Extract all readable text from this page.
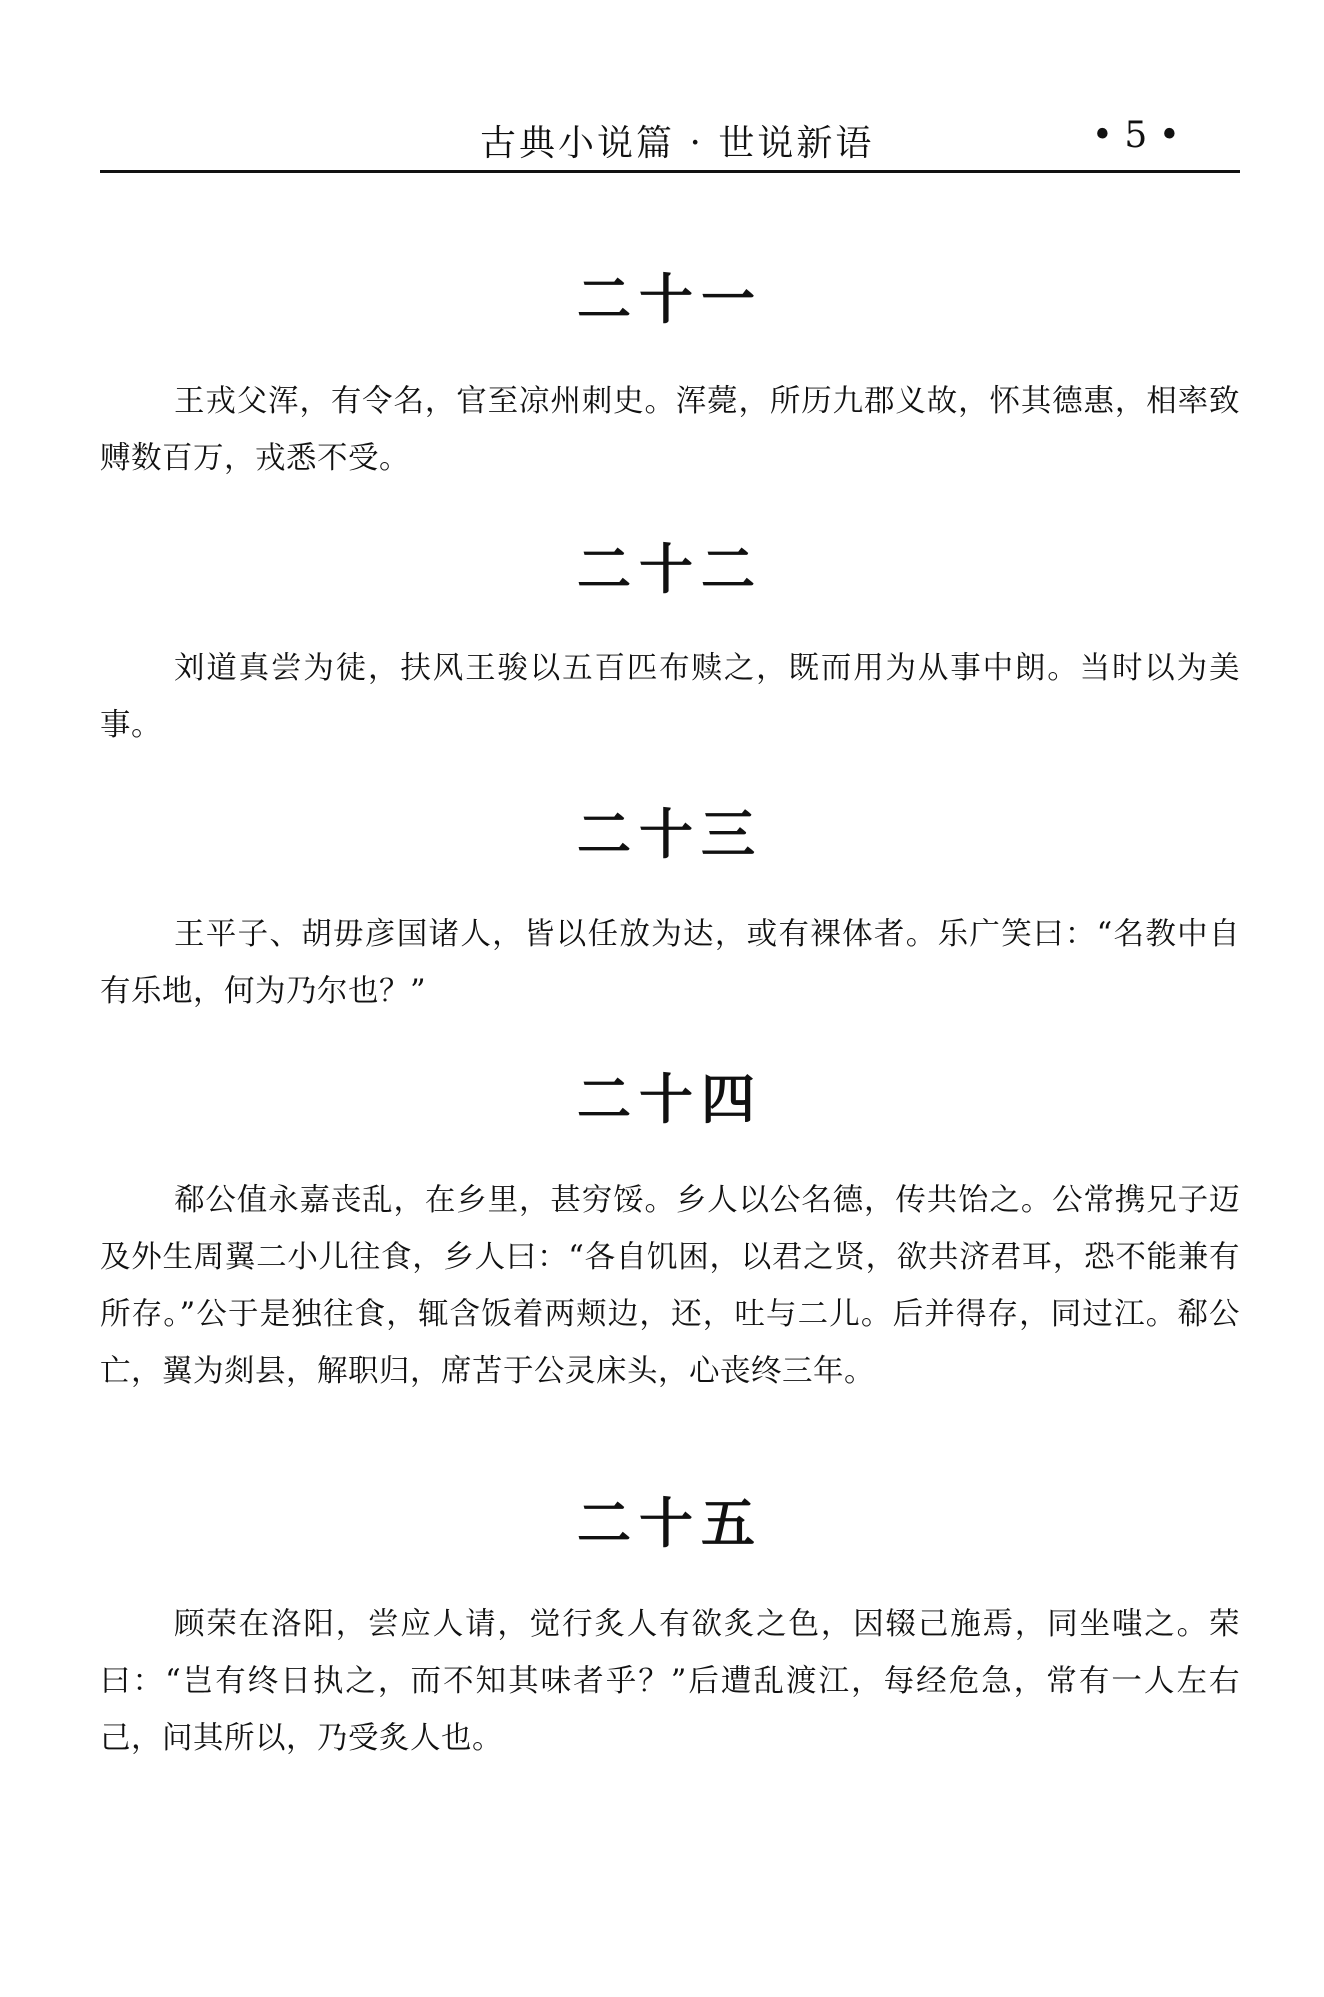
古典小说篇 · 世说新语	• 5 •
二十一

王戎父浑，有令名，官至凉州刺史。浑薨，所历九郡义故，怀其德惠，相率致赙数百万，戎悉不受。

二十二

刘道真尝为徒，扶风王骏以五百匹布赎之，既而用为从事中朗。当时以为美事。

二十三

王平子、胡毋彦国诸人，皆以任放为达，或有裸体者。乐广笑曰：“名教中自有乐地，何为乃尔也？”

二十四

郗公值永嘉丧乱，在乡里，甚穷馁。乡人以公名德，传共饴之。公常携兄子迈及外生周翼二小儿往食，乡人曰：“各自饥困，以君之贤，欲共济君耳，恐不能兼有所存。”公于是独往食，辄含饭着两颊边，还，吐与二儿。后并得存，同过江。郗公亡，翼为剡县，解职归，席苫于公灵床头，心丧终三年。

二十五

顾荣在洛阳，尝应人请，觉行炙人有欲炙之色，因辍己施焉，同坐嗤之。荣曰：“岂有终日执之，而不知其味者乎？”后遭乱渡江，每经危急，常有一人左右己，问其所以，乃受炙人也。
